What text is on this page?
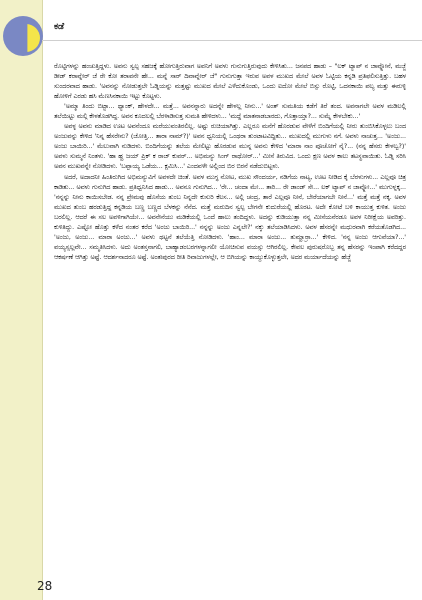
ಕಡೆ

ರೊಟ್ಟಿಗಳನ್ನು ಹಂಚುತ್ತಿದ್ದಳು. ಅವನು ಸ್ವಲ್ಪ ಸಹಜಕ್ಕೆ ಹೋಗುತ್ತಿರುವಾಗ ಅವನಿಗೆ ಅವಳು ಗುನುಗುತ್ತಿರುವುದು ಕೇಳಿಸಿತು... ಜನಪದ ಹಾಡು – "ಲಕ್ ಟ್ಯಾಪ್ ನ ಜಾವ್ನೋನೆ, ಮಜ್ಜೆ ಡೀಡ್ ಕರಾವ್ನೇರ್ ಜೆ ರೇ ಕೋ ತರಾವನೇ ಹೇ... ಮನ್ನೆ ಸಾರ್ ದಿವಾವ್ನೇರ್ ಜೆ" ಗುನುಗುತ್ತಾ ಇರುವ ಅವಳ ಮುಖದ ಮೇಲೆ ಅವಳ ಓಟ್ಟಿಯ ಕನ್ನಡಿ ಪ್ರತಿಫಲಿಸುತ್ತಿತ್ತು. ಬಹಳ ಸುಂದರವಾದ ಹಾಡು. 'ಅವನನ್ನು ನೋಡುತ್ತಲೇ ಓಡ್ನಿಯನ್ನು ಮತ್ತಷ್ಟು ಮುಖದ ಮೇಲೆ ಎಳೆದುಕೊಂಡು, ಒಂದು ಐದೋ ಮೇಲೆ ಬಿಸ್ಸು ರೊಟ್ಟಿ, ಒದನಕಾಯಿ ಪಲ್ಯ ಮತ್ತು ಈರುಳ್ಳಿ ಹೋಳಿಗೆ ಎರಡು ಹಸಿ ಮೆಣಸಿನಕಾಯಿ ಇಟ್ಟು ಕೊಟ್ಟಳು.

'ಅಮ್ಮಾ ತಿಂದು ಬಿಟ್ಟಾ... ಥ್ಯಾಂಕ್, ಹೇಳದೇ... ಮತ್ತೆ... ಅವನನ್ನಾರು ಅದನ್ನೇ ಹೇಳಲ್ಲ ನೀನು...' ಅಂತ್ ಸುಮತಿಯ ಕಡೆಗೆ ತಿರೆ ತಂದ. ಅವನಾಗಲೇ ಅವಳ ಮಡಿಲಲ್ಲಿ ತಲೆಯಿಟ್ಟು ಮಲ್ಗಿ ಕೇಳತೊಡಗಿದ್ದ. ಅವನ ಕೂದಲಲ್ಲಿ ಬೆರಳಾಡಿಸುತ್ತ ಸುಮತಿ ಹೇಳಿದಳು... 'ಮದ್ದೆ ಮಾತನಾಡಬಾರದು, ಗೊತ್ತಾಯ್ತಾ?... ಸುಮ್ನೆ ಕೇಳಬೇಕು...'

ಅವಳ್ಳ ಅವನು ಮಾಡಿದ ಊಟ ಅವನೆಂದೂ ಮರೆಯುವಂತಿರಲಿಲ್ಲ. ಅಷ್ಟು ರುಚಿಯಾಗಿತ್ತು. ಎಲ್ಲರೂ ಮನೆಗೆ ಹೊರಡುವ ವೇಳೆಗೆ ಬಿಂದಿಗೆಯಲ್ಲಿ ನೀರು ತುಂಬಿಸಿಕೊಳ್ಳಲು ಬಂದ ಅಂಜುವನ್ನು ಕೇಳಿದ 'ನಿನ್ನ ಹೆಸರೇನು? (ಜೋತ್ತಿ... ತಾರಾ ನಾಮ್?)' ಅವನ ಧ್ವನಿಯಲ್ಲಿ ಒಂಥರಾ ತುಂಟಾಟವಿದ್ದಿತು... ಮುಖದಲ್ಲಿ ಮುಗುಳು ನಗೆ. ಅವಳು ನಾಚುತ್ತ... 'ಅಂಜು... ಅಂಜು ಬಾಯಿರಿ...' ಮೆಲುವಾಗಿ ನುಡಿದಳು. ಬಿಂದಿಗೆಯನ್ನು ತಲೆಯ ಮೇಲಿಟ್ಟು ಹೊರಡುವ ಮುನ್ನ ಅವನು ಕೇಳಿದ 'ಮಾರಾ ನಾಂ ಪೂಚೋಗೆ ನೈ?... (ನನ್ನ ಹೆಸರು ಕೇಳಲ್ವ?)' ಅವಳು ಸುಮ್ಮನೆ ನಿಂತಳು. 'ಹಾ ಹ್ಹ ಜಯ್ ಪ್ರಿಕ್ ಕ ರಾಜ್ ಕುವರ್... ಅಭಿಮನ್ಯು ಸಿಂಗ್ ರಾಥೋರ್...' ಮೀಸೆ ತಿರುವಿದ. ಒಂದು ಕ್ಷಣ ಅವಳ ಕಾಲು ತಟಸ್ಥವಾಯಿತು. ಓಡ್ನಿ ಸರಿಸಿ ಅವನ ಮುಖವನ್ನೇ ನೋಡಿದಳು. 'ಬಪ್ಪಾಯ್ಯ ಒಡೆಯ... ಕ್ಷಮಿಸಿ...' ಎಂದವಳೇ ಅಲ್ಲಿಂದ ಬಿರ ಬಿರನೆ ನಡೆದುಬಿಟ್ಟಳು.

ಅದರೆ, ಅದಾದನೀ ಹಿಂತಿರುಗಿದ ಅಭಿಮನ್ಯುವಿಗೆ ಅವಳದೇ ಚಿಂತೆ. ಅವಳ ಮುಗ್ಧ ನೋಟ, ಮುಖ ಸೌಂದರ್ಯ, ನಡಿಗೆಯ ನಾಟ್ಯ, ಊಟ ನೀಡಿದ ಕೈ ಬೆರಳುಗಳು... ಎಲ್ಲವೂ ಚಿತ್ರ ಕಾಡಿತು... ಅವಳು ಗುನುಗಿದ ಹಾಡು. ಪ್ರತಿಧ್ವನಿಸಿದ ಹಾಡು... ಅವನೂ ಗುನುಗಿದ... 'ರೇ... ಚಂದಾ ಮೇ... ತಾರಿ... ರೇ ಡಾಂಡ್ ಸೇ... ಲಕ್ ಟ್ಯಾಪ್ ನ ಜಾವ್ನೋ...' ಮುಗುಳ್ನಕ್ಕ... 'ನನ್ನನ್ನು ನೀನು ಕಾಯಿಸಬೇಡ. ನನ್ನ ಪ್ರೇಮವು ಹೊಸೆಯ ತುಂಬ ನಿನ್ನದೇ ಕುಸುರಿ ಕೆಲಸ... ಅಲ್ಲಿ ಚಂದ್ರ, ತಾರೆ ಎಲ್ಲವೂ ನೀನೆ, ಬೇರೆಯಾಗಬೇ ನೀನೆ...' ಮತ್ತೆ ಮತ್ತೆ ನಕ್ಕ. ಅವಳ ಮುಖದ ತುಂಬ ಹರಡುತ್ತಿದ್ದ ಕನ್ನಡಿಯ ಬಣ್ಣ ಬಣ್ಣದ ಬೆಳಕನ್ನು ನೆನೆದ. ಮತ್ತೆ ಮರುದಿನ ಸ್ವಲ್ಪ ಬೇಗನೇ ಕುದುರೆಯಲ್ಲಿ ಹೊರಟ. ಅದೇ ಕೋಟೆ ಬಳಿ ಕಾಯುತ್ತ ಕುಳಿತ. ಅಂಜು ಬರಲಿಲ್ಲ. ಆದರೆ ಈ ಸಲ ಅವಳಿಗಾಗಿಯೇ... ಅವನೇನೆಯು ಮಡಿಕೆಯಲ್ಲಿ ಒಂದೆ ಹಾಲು ತಂದಿದ್ದಳು. ಅದನ್ನು ಕುಡಿಯುತ್ತಾ ನನ್ನ ಮೀಸೆಯನೆರಡೂ ಅವಳ ನಿರೀಕ್ಷೆಯ ಅವರಿತ್ತು. ಕುಳಿತಿದ್ದು. ಎಷ್ಟೋ ಹೊತ್ತು ಕಳೆದ ನಂತರ ಕರೆದ 'ಅಂಜು ಬಾಯಿರಿ...' ನನ್ನನ್ನು ಅಂಜು ಎನ್ನಲೇ?' ನಕ್ಕು ತಲೆಯಾಡಿಸಿದಳು. ಅವಳ ಹೆಸರನ್ನೇ ಮಧುರವಾಗಿ ಕರೆಯತೊಡಗಿದ... 'ಅಂಜು, ಅಂಜು... ಮಾರಾ ಅಂಜು...' ಅವಳು ಥಟ್ಟನೆ ತಲೆಯೆತ್ತಿ ನೋಡಿದಳು. 'ಹಾಂ... ಮಾರಾ ಅಂಜು... ತುಮ್ಹಾರ್ರಾ...' ಕೇಳಿದ. 'ನನ್ನ ಅಂಜು ಆಗುವೆಯಾ?...' ವಯ್ಯಸ್ಸಲ್ಲವೇ... ಸಮ್ಮತಿಸಿದಳು. ಅದು ಅಂತಸ್ತನಾಗಲಿ, ಬಾಹ್ಯಾಡಂಬರಗಳನ್ನಾಗಲೀ ಯೋಚಿಸುವ ವಯಸ್ಸು ಆಗಿರಲಿಲ್ಲ. ಕೇವಲ ಪುರುಷರೊಬ್ಬ ತನ್ನ ಹೆಸರನ್ನು ಇಂಪಾಗಿ ಕರೆದದ್ದರ ಆಕರ್ಷಣೆ ಆಗಿತ್ತು ಅಷ್ಟೆ. ಆದರ್ಶನಾದರೂ ಅಷ್ಟೆ. ಅಂತಃಪುರದ ರೀತಿ ರಿವಾಜುಗಳಲ್ಲೇ, ಆ ಬಿಗಿಯನ್ನು ಕಾಯ್ದುಕೊಳ್ಳುತ್ತಲೇ, ಅದರ ಮರ್ಯಾದೆಯನ್ನು ಹೆಜ್ಜೆ

28
